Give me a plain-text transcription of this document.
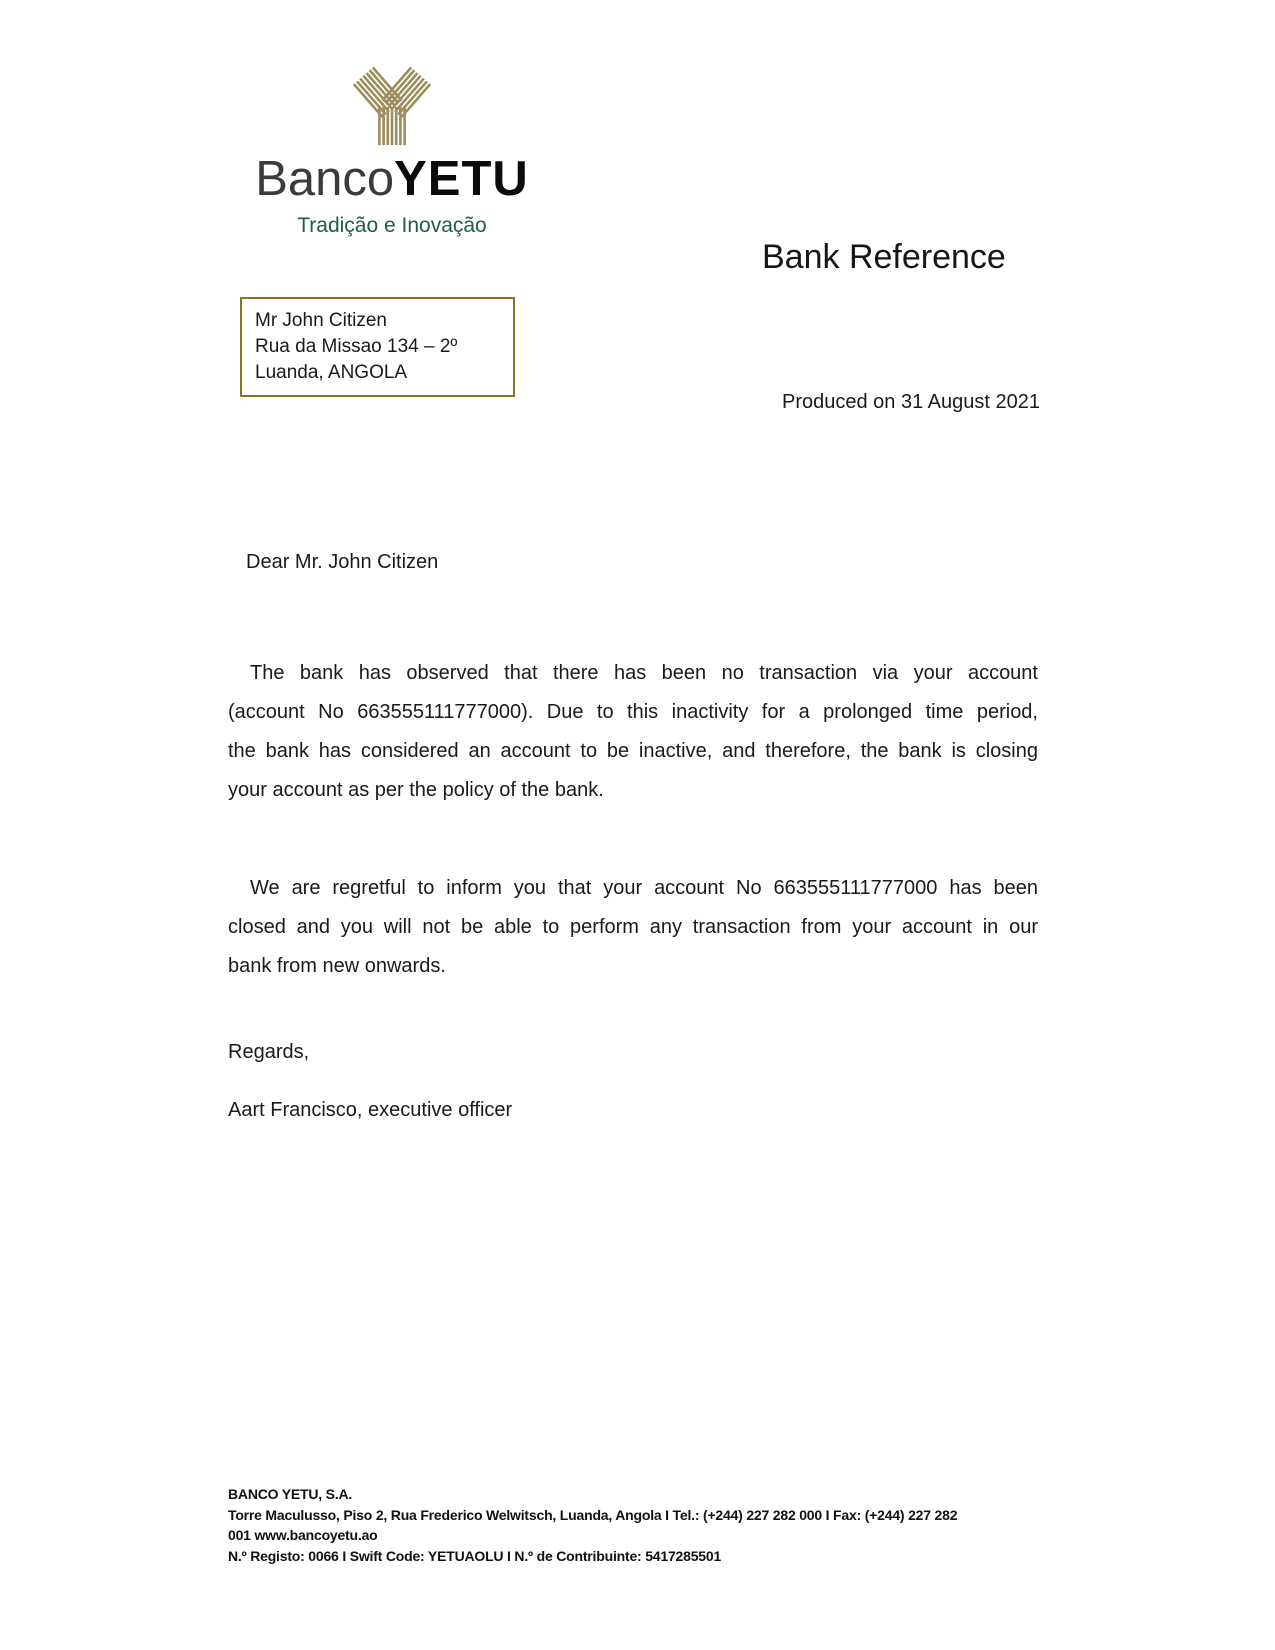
BancoYETU
Tradição e Inovação
Bank Reference
Mr John Citizen
Rua da Missao 134 – 2º
Luanda, ANGOLA
Produced on 31 August 2021
Dear Mr. John Citizen
The bank has observed that there has been no transaction via your account
(account No 663555111777000). Due to this inactivity for a prolonged time period,
the bank has considered an account to be inactive, and therefore, the bank is closing
your account as per the policy of the bank.
We are regretful to inform you that your account No 663555111777000 has been
closed and you will not be able to perform any transaction from your account in our
bank from new onwards.
Regards,
Aart Francisco, executive officer
BANCO YETU, S.A.
Torre Maculusso, Piso 2, Rua Frederico Welwitsch, Luanda, Angola I Tel.: (+244) 227 282 000 I Fax: (+244) 227 282
001 www.bancoyetu.ao
N.º Registo: 0066 I Swift Code: YETUAOLU I N.º de Contribuinte: 5417285501
